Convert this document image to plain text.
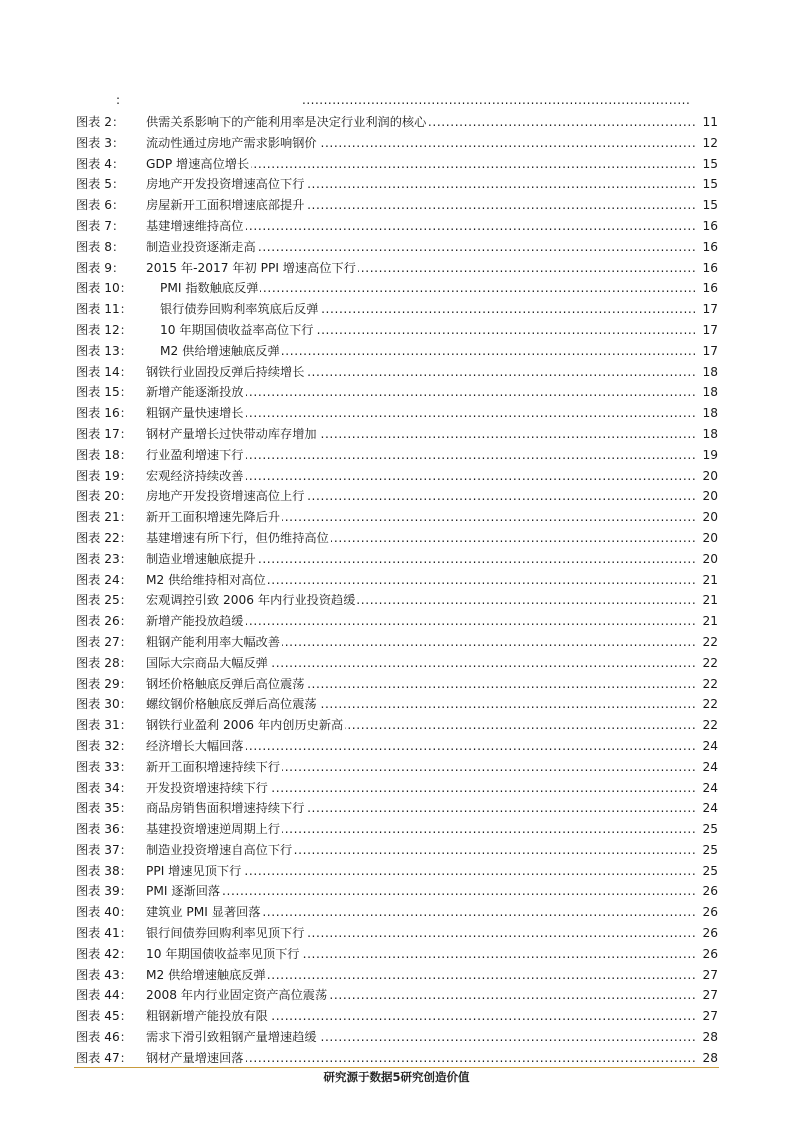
:	..........................................................................................
图表 2： 供需关系影响下的产能利用率是决定行业利润的核心 .....	11
图表 3： 流动性通过房地产需求影响钢价 .....	12
图表 4： GDP 增速高位增长 .....	15
图表 5： 房地产开发投资增速高位下行 .....	15
图表 6： 房屋新开工面积增速底部提升 .....	15
图表 7： 基建增速维持高位 .....	16
图表 8： 制造业投资逐渐走高 .....	16
图表 9： 2015 年-2017 年初 PPI 增速高位下行 .....	16
图表 10： PMI 指数触底反弹 .....	16
图表 11： 银行债券回购利率筑底后反弹 .....	17
图表 12： 10 年期国债收益率高位下行 .....	17
图表 13： M2 供给增速触底反弹 .....	17
图表 14： 钢铁行业固投反弹后持续增长 .....	18
图表 15： 新增产能逐渐投放 .....	18
图表 16： 粗钢产量快速增长 .....	18
图表 17： 钢材产量增长过快带动库存增加 .....	18
图表 18： 行业盈利增速下行 .....	19
图表 19： 宏观经济持续改善 .....	20
图表 20： 房地产开发投资增速高位上行 .....	20
图表 21： 新开工面积增速先降后升 .....	20
图表 22： 基建增速有所下行，但仍维持高位 .....	20
图表 23： 制造业增速触底提升 .....	20
图表 24： M2 供给维持相对高位 .....	21
图表 25： 宏观调控引致 2006 年内行业投资趋缓 .....	21
图表 26： 新增产能投放趋缓 .....	21
图表 27： 粗钢产能利用率大幅改善 .....	22
图表 28： 国际大宗商品大幅反弹 .....	22
图表 29： 钢坯价格触底反弹后高位震荡 .....	22
图表 30： 螺纹钢价格触底反弹后高位震荡 .....	22
图表 31： 钢铁行业盈利 2006 年内创历史新高 .....	22
图表 32： 经济增长大幅回落 .....	24
图表 33： 新开工面积增速持续下行 .....	24
图表 34： 开发投资增速持续下行 .....	24
图表 35： 商品房销售面积增速持续下行 .....	24
图表 36： 基建投资增速逆周期上行 .....	25
图表 37： 制造业投资增速自高位下行 .....	25
图表 38： PPI 增速见顶下行 .....	25
图表 39： PMI 逐渐回落 .....	26
图表 40： 建筑业 PMI 显著回落 .....	26
图表 41： 银行间债券回购利率见顶下行 .....	26
图表 42： 10 年期国债收益率见顶下行 .....	26
图表 43： M2 供给增速触底反弹 .....	27
图表 44： 2008 年内行业固定资产高位震荡 .....	27
图表 45： 粗钢新增产能投放有限 .....	27
图表 46： 需求下滑引致粗钢产量增速趋缓 .....	28
图表 47： 钢材产量增速回落 .....	28
研究源于数据5研究创造价值
